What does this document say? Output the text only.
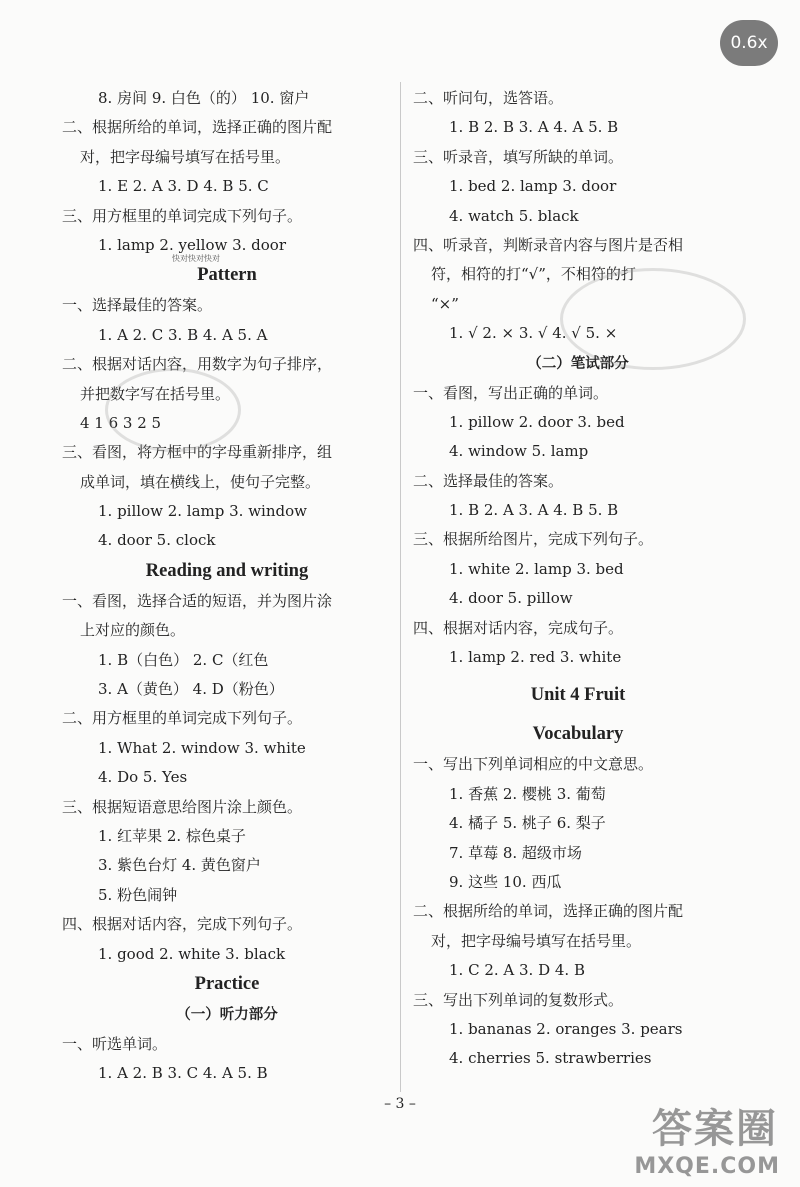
8. 房间 9. 白色（的） 10. 窗户
二、根据所给的单词，选择正确的图片配
对，把字母编号填写在括号里。
1. E 2. A 3. D 4. B 5. C
三、用方框里的单词完成下列句子。
1. lamp 2. yellow 3. door
Pattern
一、选择最佳的答案。
1. A 2. C 3. B 4. A 5. A
二、根据对话内容，用数字为句子排序，
并把数字写在括号里。
4 1 6 3 2 5
三、看图，将方框中的字母重新排序，组
成单词，填在横线上，使句子完整。
1. pillow 2. lamp 3. window
4. door 5. clock
Reading and writing
一、看图，选择合适的短语，并为图片涂
上对应的颜色。
1. B（白色） 2. C（红色
3. A（黄色） 4. D（粉色）
二、用方框里的单词完成下列句子。
1. What 2. window 3. white
4. Do 5. Yes
三、根据短语意思给图片涂上颜色。
1. 红苹果 2. 棕色桌子
3. 紫色台灯 4. 黄色窗户
5. 粉色闹钟
四、根据对话内容，完成下列句子。
1. good 2. white 3. black
Practice
（一）听力部分
一、听选单词。
1. A 2. B 3. C 4. A 5. B
二、听问句，选答语。
1. B 2. B 3. A 4. A 5. B
三、听录音，填写所缺的单词。
1. bed 2. lamp 3. door
4. watch 5. black
四、听录音，判断录音内容与图片是否相
符，相符的打“√”，不相符的打
“×”
1. √ 2. × 3. √ 4. √ 5. ×
（二）笔试部分
一、看图，写出正确的单词。
1. pillow 2. door 3. bed
4. window 5. lamp
二、选择最佳的答案。
1. B 2. A 3. A 4. B 5. B
三、根据所给图片，完成下列句子。
1. white 2. lamp 3. bed
4. door 5. pillow
四、根据对话内容，完成句子。
1. lamp 2. red 3. white
Unit 4 Fruit
Vocabulary
一、写出下列单词相应的中文意思。
1. 香蕉 2. 樱桃 3. 葡萄
4. 橘子 5. 桃子 6. 梨子
7. 草莓 8. 超级市场
9. 这些 10. 西瓜
二、根据所给的单词，选择正确的图片配
对，把字母编号填写在括号里。
1. C 2. A 3. D 4. B
三、写出下列单词的复数形式。
1. bananas 2. oranges 3. pears
4. cherries 5. strawberries
快对快对快对
– 3 –
答案圈
MXQE.COM
0.6x
